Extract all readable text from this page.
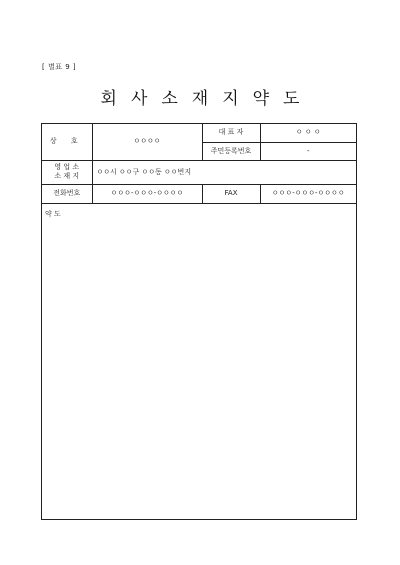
[ 별표 9 ]
회사소재지약도
상 호	ㅇㅇㅇㅇ	대 표 자	ㅇ ㅇ ㅇ
		주민등록번호	-

영 업 소
소 재 지	ㅇㅇ시 ㅇㅇ구 ㅇㅇ동 ㅇㅇ번지		
전화번호	ㅇㅇㅇ-ㅇㅇㅇ-ㅇㅇㅇㅇ	FAX	ㅇㅇㅇ-ㅇㅇㅇ-ㅇㅇㅇㅇ
약 도
